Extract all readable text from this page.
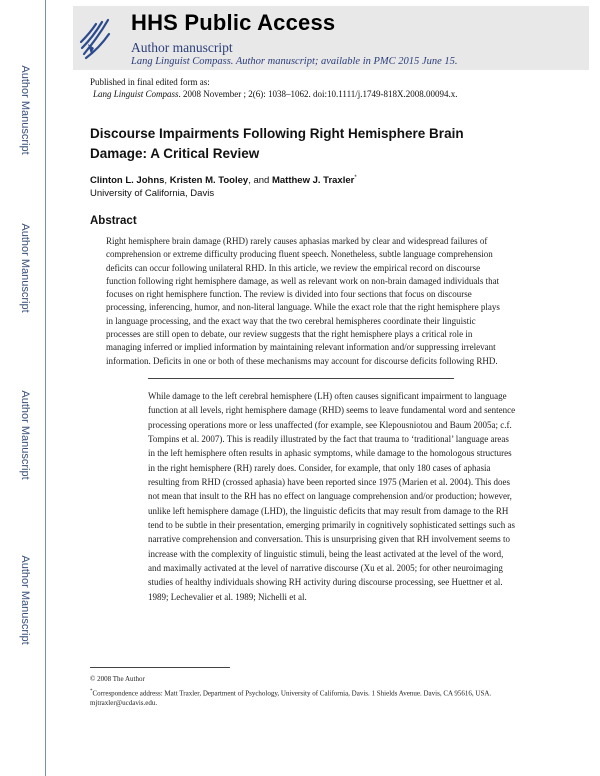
Author Manuscript
Author Manuscript
Author Manuscript
Author Manuscript
HHS Public Access
Author manuscript
Lang Linguist Compass. Author manuscript; available in PMC 2015 June 15.
Published in final edited form as:
Lang Linguist Compass. 2008 November ; 2(6): 1038–1062. doi:10.1111/j.1749-818X.2008.00094.x.
Discourse Impairments Following Right Hemisphere Brain Damage: A Critical Review
Clinton L. Johns, Kristen M. Tooley, and Matthew J. Traxler*
University of California, Davis
Abstract
Right hemisphere brain damage (RHD) rarely causes aphasias marked by clear and widespread failures of comprehension or extreme difficulty producing fluent speech. Nonetheless, subtle language comprehension deficits can occur following unilateral RHD. In this article, we review the empirical record on discourse function following right hemisphere damage, as well as relevant work on non-brain damaged individuals that focuses on right hemisphere function. The review is divided into four sections that focus on discourse processing, inferencing, humor, and non-literal language. While the exact role that the right hemisphere plays in language processing, and the exact way that the two cerebral hemispheres coordinate their linguistic processes are still open to debate, our review suggests that the right hemisphere plays a critical role in managing inferred or implied information by maintaining relevant information and/or suppressing irrelevant information. Deficits in one or both of these mechanisms may account for discourse deficits following RHD.
While damage to the left cerebral hemisphere (LH) often causes significant impairment to language function at all levels, right hemisphere damage (RHD) seems to leave fundamental word and sentence processing operations more or less unaffected (for example, see Klepousniotou and Baum 2005a; c.f. Tompins et al. 2007). This is readily illustrated by the fact that trauma to ‘traditional’ language areas in the left hemisphere often results in aphasic symptoms, while damage to the homologous structures in the right hemisphere (RH) rarely does. Consider, for example, that only 180 cases of aphasia resulting from RHD (crossed aphasia) have been reported since 1975 (Marien et al. 2004). This does not mean that insult to the RH has no effect on language comprehension and/or production; however, unlike left hemisphere damage (LHD), the linguistic deficits that may result from damage to the RH tend to be subtle in their presentation, emerging primarily in cognitively sophisticated settings such as narrative comprehension and conversation. This is unsurprising given that RH involvement seems to increase with the complexity of linguistic stimuli, being the least activated at the level of the word, and maximally activated at the level of narrative discourse (Xu et al. 2005; for other neuroimaging studies of healthy individuals showing RH activity during discourse processing, see Huettner et al. 1989; Lechevalier et al. 1989; Nichelli et al.
© 2008 The Author
*Correspondence address: Matt Traxler, Department of Psychology, University of California, Davis. 1 Shields Avenue. Davis, CA 95616, USA. mjtraxler@ucdavis.edu.
